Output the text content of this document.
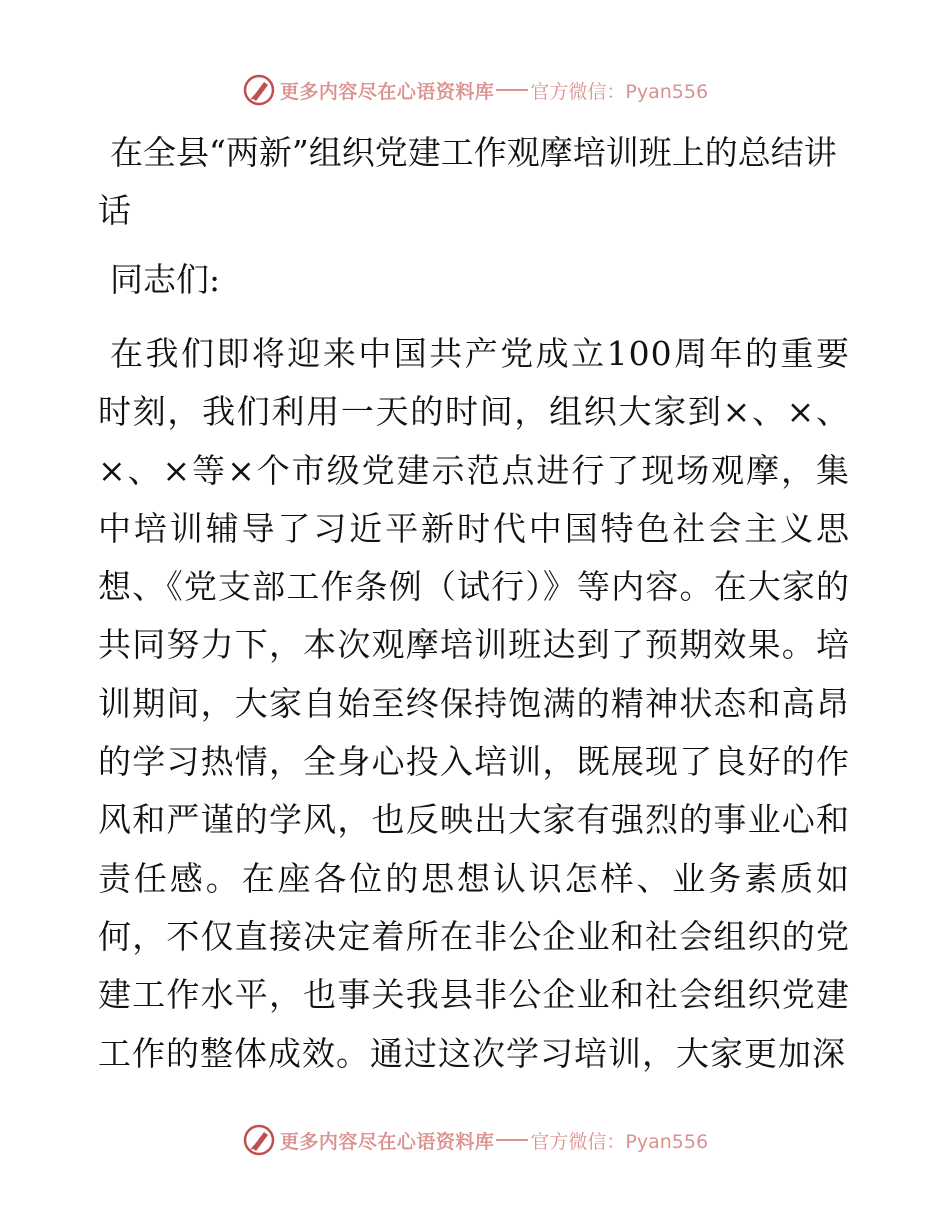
更多内容尽在心语资料库 官方微信：Pyan556
在全县“两新”组织党建工作观摩培训班上的总结讲话

同志们:

在我们即将迎来中国共产党成立100周年的重要时刻，我们利用一天的时间，组织大家到×、×、×、×等×个市级党建示范点进行了现场观摩，集中培训辅导了习近平新时代中国特色社会主义思想、《党支部工作条例（试行）》等内容。在大家的共同努力下，本次观摩培训班达到了预期效果。培训期间，大家自始至终保持饱满的精神状态和高昂的学习热情，全身心投入培训，既展现了良好的作风和严谨的学风，也反映出大家有强烈的事业心和责任感。在座各位的思想认识怎样、业务素质如何，不仅直接决定着所在非公企业和社会组织的党建工作水平，也事关我县非公企业和社会组织党建工作的整体成效。通过这次学习培训，大家更加深

更多内容尽在心语资料库 官方微信：Pyan556
